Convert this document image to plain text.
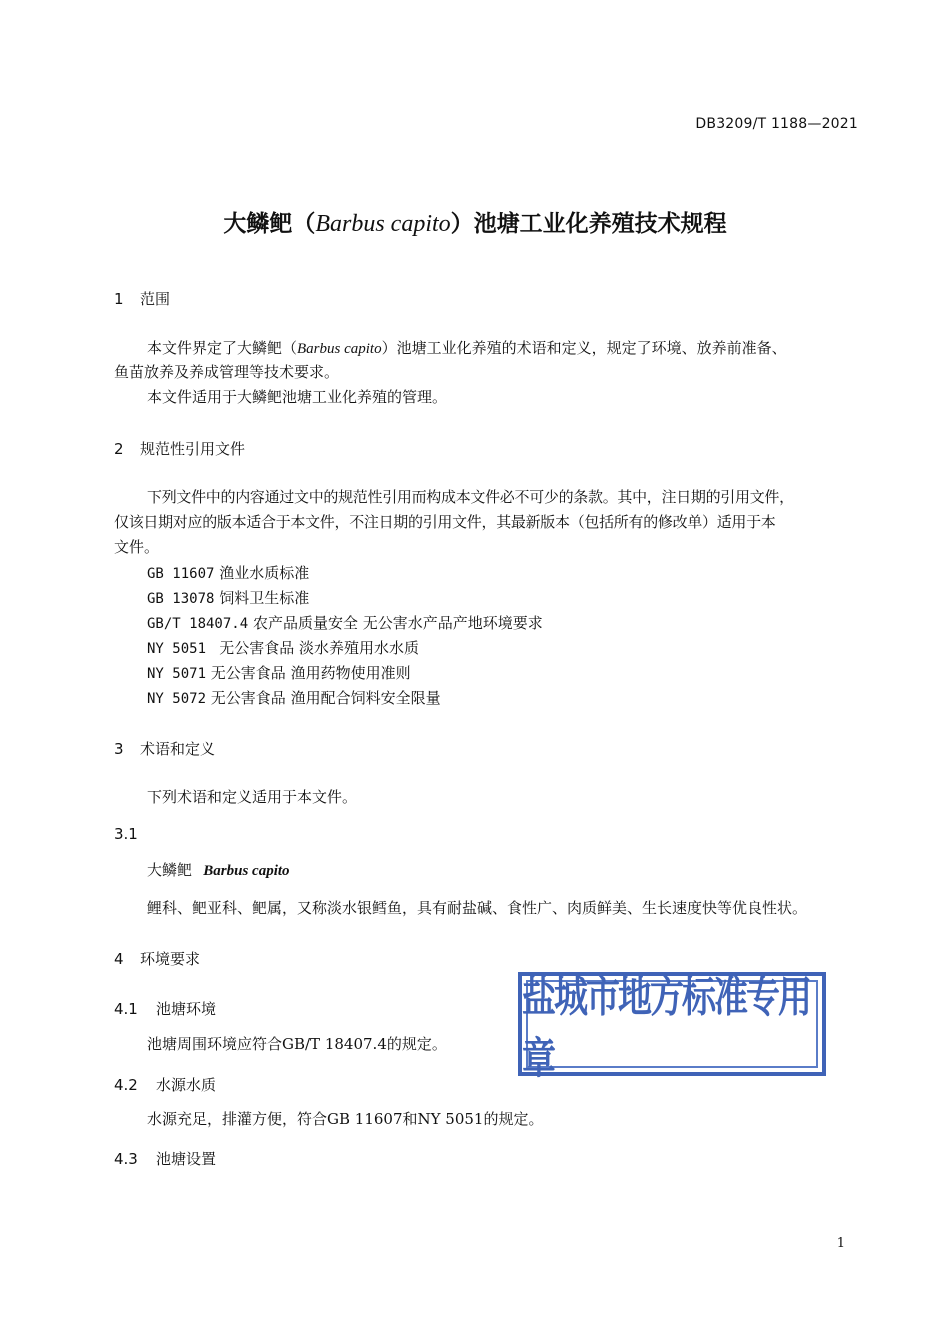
DB3209/T 1188—2021
大鳞鲃（Barbus capito）池塘工业化养殖技术规程
1 范围
本文件界定了大鳞鲃（Barbus capito）池塘工业化养殖的术语和定义，规定了环境、放养前准备、
鱼苗放养及养成管理等技术要求。
本文件适用于大鳞鲃池塘工业化养殖的管理。
2 规范性引用文件
下列文件中的内容通过文中的规范性引用而构成本文件必不可少的条款。其中，注日期的引用文件，
仅该日期对应的版本适合于本文件，不注日期的引用文件，其最新版本（包括所有的修改单）适用于本
文件。
GB 11607 渔业水质标准
GB 13078 饲料卫生标准
GB/T 18407.4 农产品质量安全 无公害水产品产地环境要求
NY 5051  无公害食品 淡水养殖用水水质
NY 5071 无公害食品 渔用药物使用准则
NY 5072 无公害食品 渔用配合饲料安全限量
3 术语和定义
下列术语和定义适用于本文件。
3.1
大鳞鲃 Barbus capito
鲤科、鲃亚科、鲃属，又称淡水银鳕鱼，具有耐盐碱、食性广、肉质鲜美、生长速度快等优良性状。
4 环境要求
4.1 池塘环境
池塘周围环境应符合GB/T 18407.4的规定。
4.2 水源水质
水源充足，排灌方便，符合GB 11607和NY 5051的规定。
4.3 池塘设置
盐城市地方标准专用章
1
